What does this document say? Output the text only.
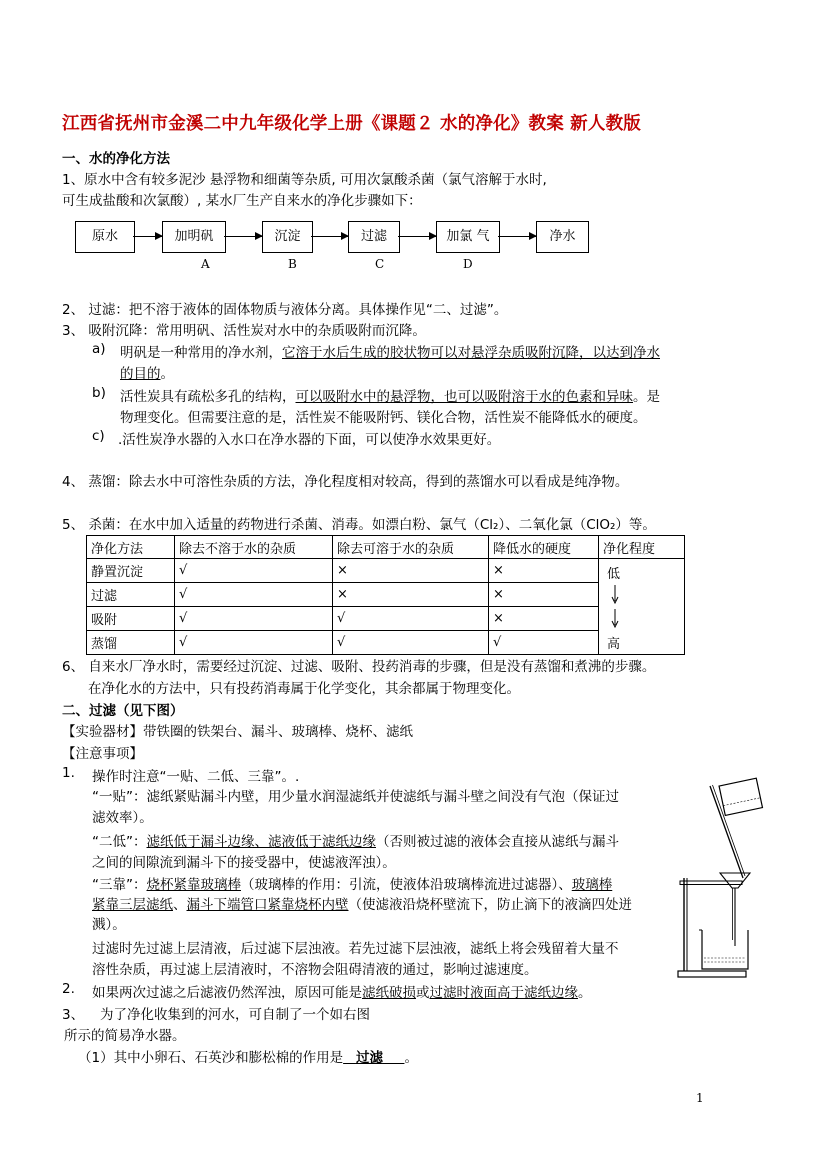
江西省抚州市金溪二中九年级化学上册《课题２ 水的净化》教案 新人教版
一、水的净化方法
1、原水中含有较多泥沙 悬浮物和细菌等杂质, 可用次氯酸杀菌（氯气溶解于水时,
可生成盐酸和次氯酸）, 某水厂生产自来水的净化步骤如下：
原水	加明矾	沉淀	过滤	加氯 气	净水
A	B	C	D
2、 过滤：把不溶于液体的固体物质与液体分离。具体操作见“二、过滤”。
3、 吸附沉降：常用明矾、活性炭对水中的杂质吸附而沉降。
a) 明矾是一种常用的净水剂，它溶于水后生成的胶状物可以对悬浮杂质吸附沉降，以达到净水
的目的。
b) 活性炭具有疏松多孔的结构，可以吸附水中的悬浮物，也可以吸附溶于水的色素和异味。是
物理变化。但需要注意的是，活性炭不能吸附钙、镁化合物，活性炭不能降低水的硬度。
c) .活性炭净水器的入水口在净水器的下面，可以使净水效果更好。
4、 蒸馏：除去水中可溶性杂质的方法，净化程度相对较高，得到的蒸馏水可以看成是纯净物。
5、 杀菌：在水中加入适量的药物进行杀菌、消毒。如漂白粉、氯气（Cl₂）、二氧化氯（ClO₂）等。
净化方法	除去不溶于水的杂质	除去可溶于水的杂质	降低水的硬度	净化程度
静置沉淀	√	×	×	低
高

过滤	√	×	×	
吸附	√	√	×	
蒸馏	√	√	√	
6、 自来水厂净水时，需要经过沉淀、过滤、吸附、投药消毒的步骤，但是没有蒸馏和煮沸的步骤。
在净化水的方法中，只有投药消毒属于化学变化，其余都属于物理变化。
二、过滤（见下图）
【实验器材】带铁圈的铁架台、漏斗、玻璃棒、烧杯、滤纸
【注意事项】
1. 操作时注意“一贴、二低、三靠”。.
“一贴”：滤纸紧贴漏斗内壁，用少量水润湿滤纸并使滤纸与漏斗壁之间没有气泡（保证过
滤效率）。
“二低”：滤纸低于漏斗边缘、滤液低于滤纸边缘（否则被过滤的液体会直接从滤纸与漏斗
之间的间隙流到漏斗下的接受器中，使滤液浑浊）。
“三靠”：烧杯紧靠玻璃棒（玻璃棒的作用：引流，使液体沿玻璃棒流进过滤器）、玻璃棒
紧靠三层滤纸、漏斗下端管口紧靠烧杯内壁（使滤液沿烧杯壁流下，防止滴下的液滴四处迸
溅）。
过滤时先过滤上层清液，后过滤下层浊液。若先过滤下层浊液，滤纸上将会残留着大量不
溶性杂质，再过滤上层清液时，不溶物会阻碍清液的通过，影响过滤速度。
2. 如果两次过滤之后滤液仍然浑浊，原因可能是滤纸破损或过滤时液面高于滤纸边缘。
3、 为了净化收集到的河水，可自制了一个如右图
所示的简易净水器。
（1）其中小卵石、石英沙和膨松棉的作用是 过滤 。
1
